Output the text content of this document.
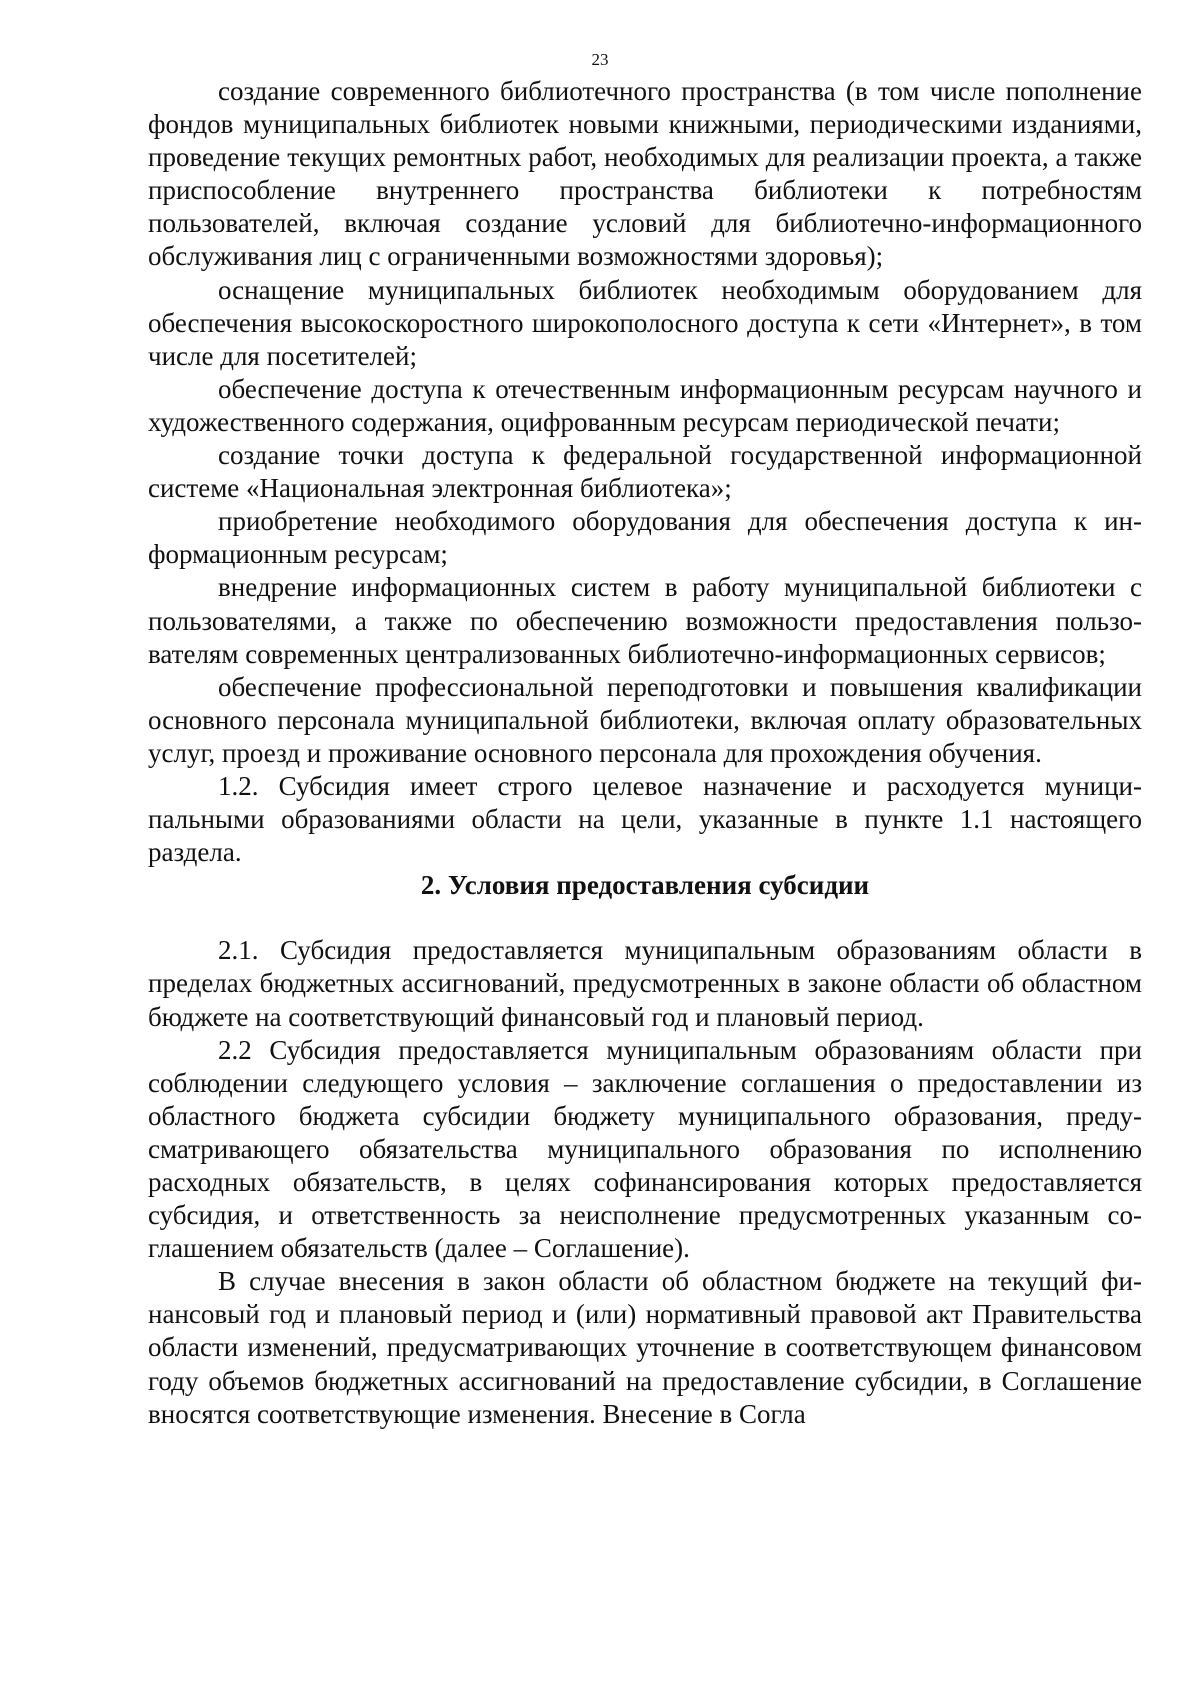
23

создание современного библиотечного пространства (в том числе пополнение фондов муниципальных библиотек новыми книжными, периодическими изданиями, проведение текущих ремонтных работ, необходимых для реализации проекта, а также приспособление внутреннего пространства библиотеки к потребностям пользователей, включая создание условий для библиотечно-информационного обслуживания лиц с ограниченными возможностями здоровья);

оснащение муниципальных библиотек необходимым оборудованием для обеспечения высокоскоростного широкополосного доступа к сети «Интернет», в том числе для посетителей;

обеспечение доступа к отечественным информационным ресурсам научного и художественного содержания, оцифрованным ресурсам периодической печати;

создание точки доступа к федеральной государственной информационной системе «Национальная электронная библиотека»;

приобретение необходимого оборудования для обеспечения доступа к информационным ресурсам;

внедрение информационных систем в работу муниципальной библиотеки с пользователями, а также по обеспечению возможности предоставления пользователям современных централизованных библиотечно-информационных сервисов;

обеспечение профессиональной переподготовки и повышения квалификации основного персонала муниципальной библиотеки, включая оплату образовательных услуг, проезд и проживание основного персонала для прохождения обучения.

1.2. Субсидия имеет строго целевое назначение и расходуется муниципальными образованиями области на цели, указанные в пункте 1.1 настоящего раздела.

2. Условия предоставления субсидии

2.1. Субсидия предоставляется муниципальным образованиям области в пределах бюджетных ассигнований, предусмотренных в законе области об областном бюджете на соответствующий финансовый год и плановый период.

2.2 Субсидия предоставляется муниципальным образованиям области при соблюдении следующего условия – заключение соглашения о предоставлении из областного бюджета субсидии бюджету муниципального образования, предусматривающего обязательства муниципального образования по исполнению расходных обязательств, в целях софинансирования которых предоставляется субсидия, и ответственность за неисполнение предусмотренных указанным соглашением обязательств (далее – Соглашение).

В случае внесения в закон области об областном бюджете на текущий финансовый год и плановый период и (или) нормативный правовой акт Правительства области изменений, предусматривающих уточнение в соответствующем финансовом году объемов бюджетных ассигнований на предоставление субсидии, в Соглашение вносятся соответствующие изменения. Внесение в Согла
